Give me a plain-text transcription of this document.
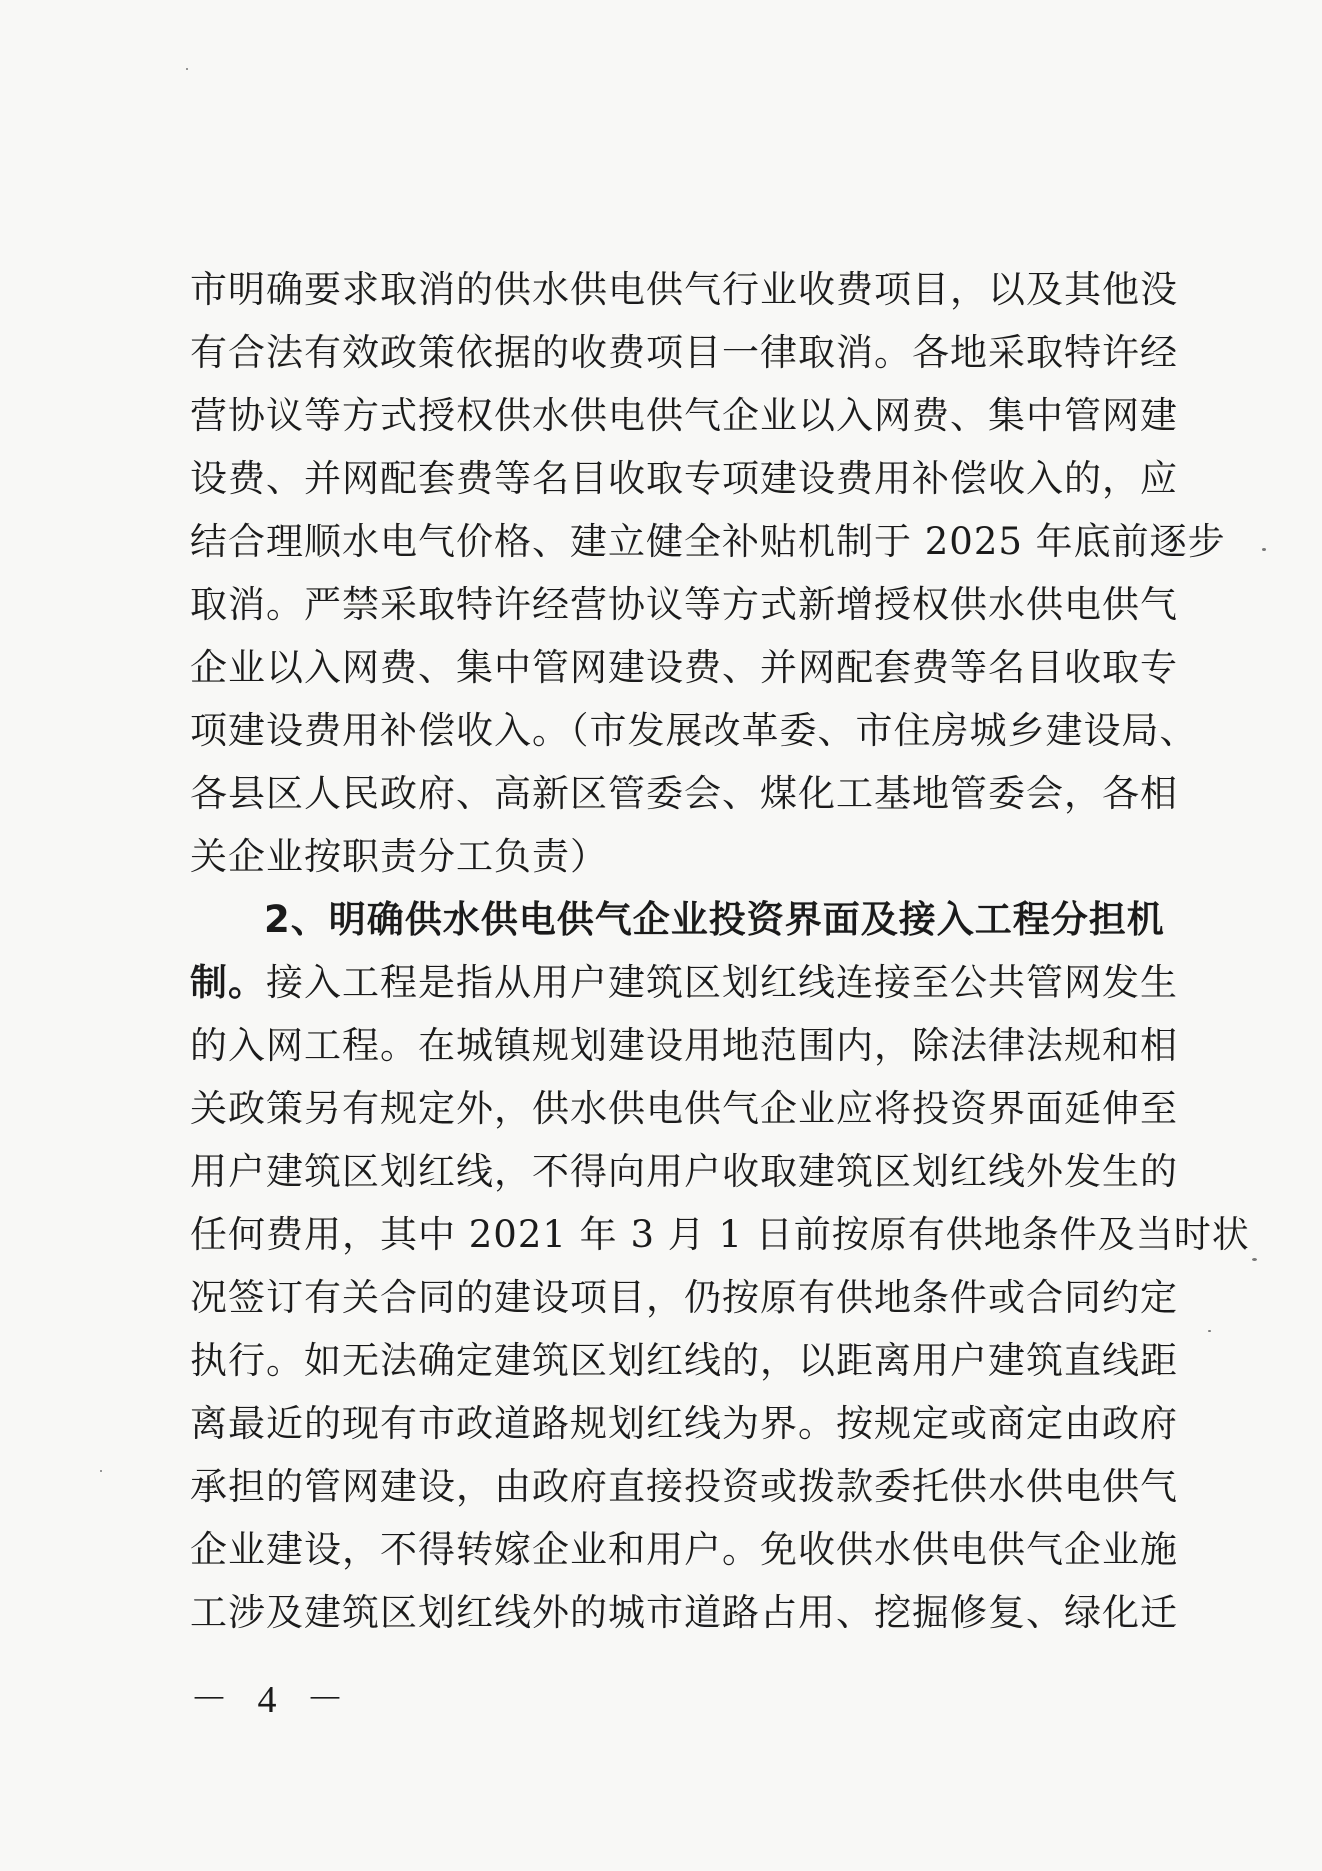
市明确要求取消的供水供电供气行业收费项目，以及其他没
有合法有效政策依据的收费项目一律取消。各地采取特许经
营协议等方式授权供水供电供气企业以入网费、集中管网建
设费、并网配套费等名目收取专项建设费用补偿收入的，应
结合理顺水电气价格、建立健全补贴机制于 2025 年底前逐步
取消。严禁采取特许经营协议等方式新增授权供水供电供气
企业以入网费、集中管网建设费、并网配套费等名目收取专
项建设费用补偿收入。（市发展改革委、市住房城乡建设局、
各县区人民政府、高新区管委会、煤化工基地管委会，各相
关企业按职责分工负责）
2、明确供水供电供气企业投资界面及接入工程分担机
制。接入工程是指从用户建筑区划红线连接至公共管网发生
的入网工程。在城镇规划建设用地范围内，除法律法规和相
关政策另有规定外，供水供电供气企业应将投资界面延伸至
用户建筑区划红线，不得向用户收取建筑区划红线外发生的
任何费用，其中 2021 年 3 月 1 日前按原有供地条件及当时状
况签订有关合同的建设项目，仍按原有供地条件或合同约定
执行。如无法确定建筑区划红线的，以距离用户建筑直线距
离最近的现有市政道路规划红线为界。按规定或商定由政府
承担的管网建设，由政府直接投资或拨款委托供水供电供气
企业建设，不得转嫁企业和用户。免收供水供电供气企业施
工涉及建筑区划红线外的城市道路占用、挖掘修复、绿化迁
－ 4 －
